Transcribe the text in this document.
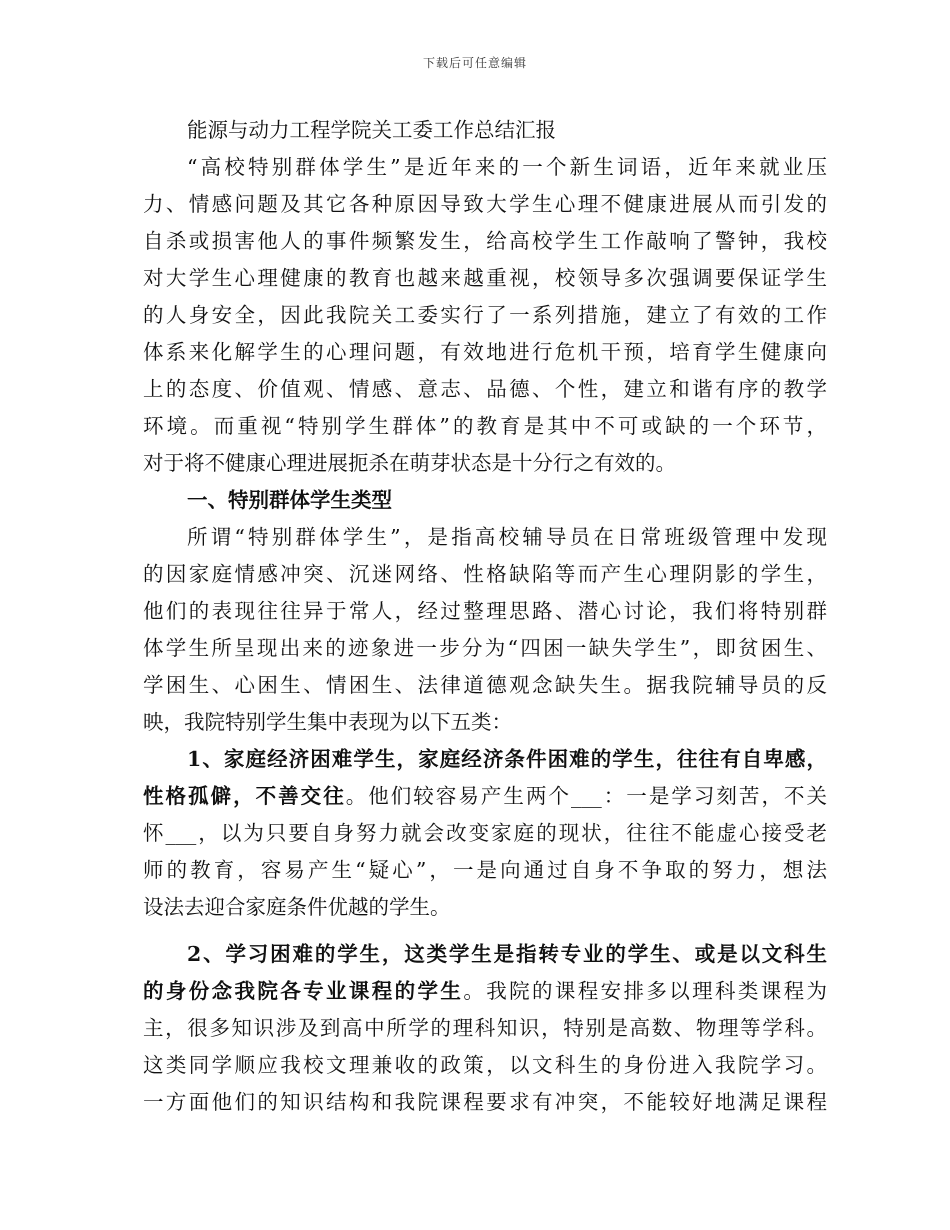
下载后可任意编辑
能源与动力工程学院关工委工作总结汇报
“高校特别群体学生”是近年来的一个新生词语，近年来就业压
力、情感问题及其它各种原因导致大学生心理不健康进展从而引发的
自杀或损害他人的事件频繁发生，给高校学生工作敲响了警钟，我校
对大学生心理健康的教育也越来越重视，校领导多次强调要保证学生
的人身安全，因此我院关工委实行了一系列措施，建立了有效的工作
体系来化解学生的心理问题，有效地进行危机干预，培育学生健康向
上的态度、价值观、情感、意志、品德、个性，建立和谐有序的教学
环境。而重视“特别学生群体”的教育是其中不可或缺的一个环节，
对于将不健康心理进展扼杀在萌芽状态是十分行之有效的。
一、特别群体学生类型
所谓“特别群体学生”，是指高校辅导员在日常班级管理中发现
的因家庭情感冲突、沉迷网络、性格缺陷等而产生心理阴影的学生，
他们的表现往往异于常人，经过整理思路、潜心讨论，我们将特别群
体学生所呈现出来的迹象进一步分为“四困一缺失学生”，即贫困生、
学困生、心困生、情困生、法律道德观念缺失生。据我院辅导员的反
映，我院特别学生集中表现为以下五类：
1、家庭经济困难学生，家庭经济条件困难的学生，往往有自卑感，
性格孤僻，不善交往。他们较容易产生两个___：一是学习刻苦，不关
怀___，以为只要自身努力就会改变家庭的现状，往往不能虚心接受老
师的教育，容易产生“疑心”，一是向通过自身不争取的努力，想法
设法去迎合家庭条件优越的学生。
2、学习困难的学生，这类学生是指转专业的学生、或是以文科生
的身份念我院各专业课程的学生。我院的课程安排多以理科类课程为
主，很多知识涉及到高中所学的理科知识，特别是高数、物理等学科。
这类同学顺应我校文理兼收的政策，以文科生的身份进入我院学习。
一方面他们的知识结构和我院课程要求有冲突，不能较好地满足课程
